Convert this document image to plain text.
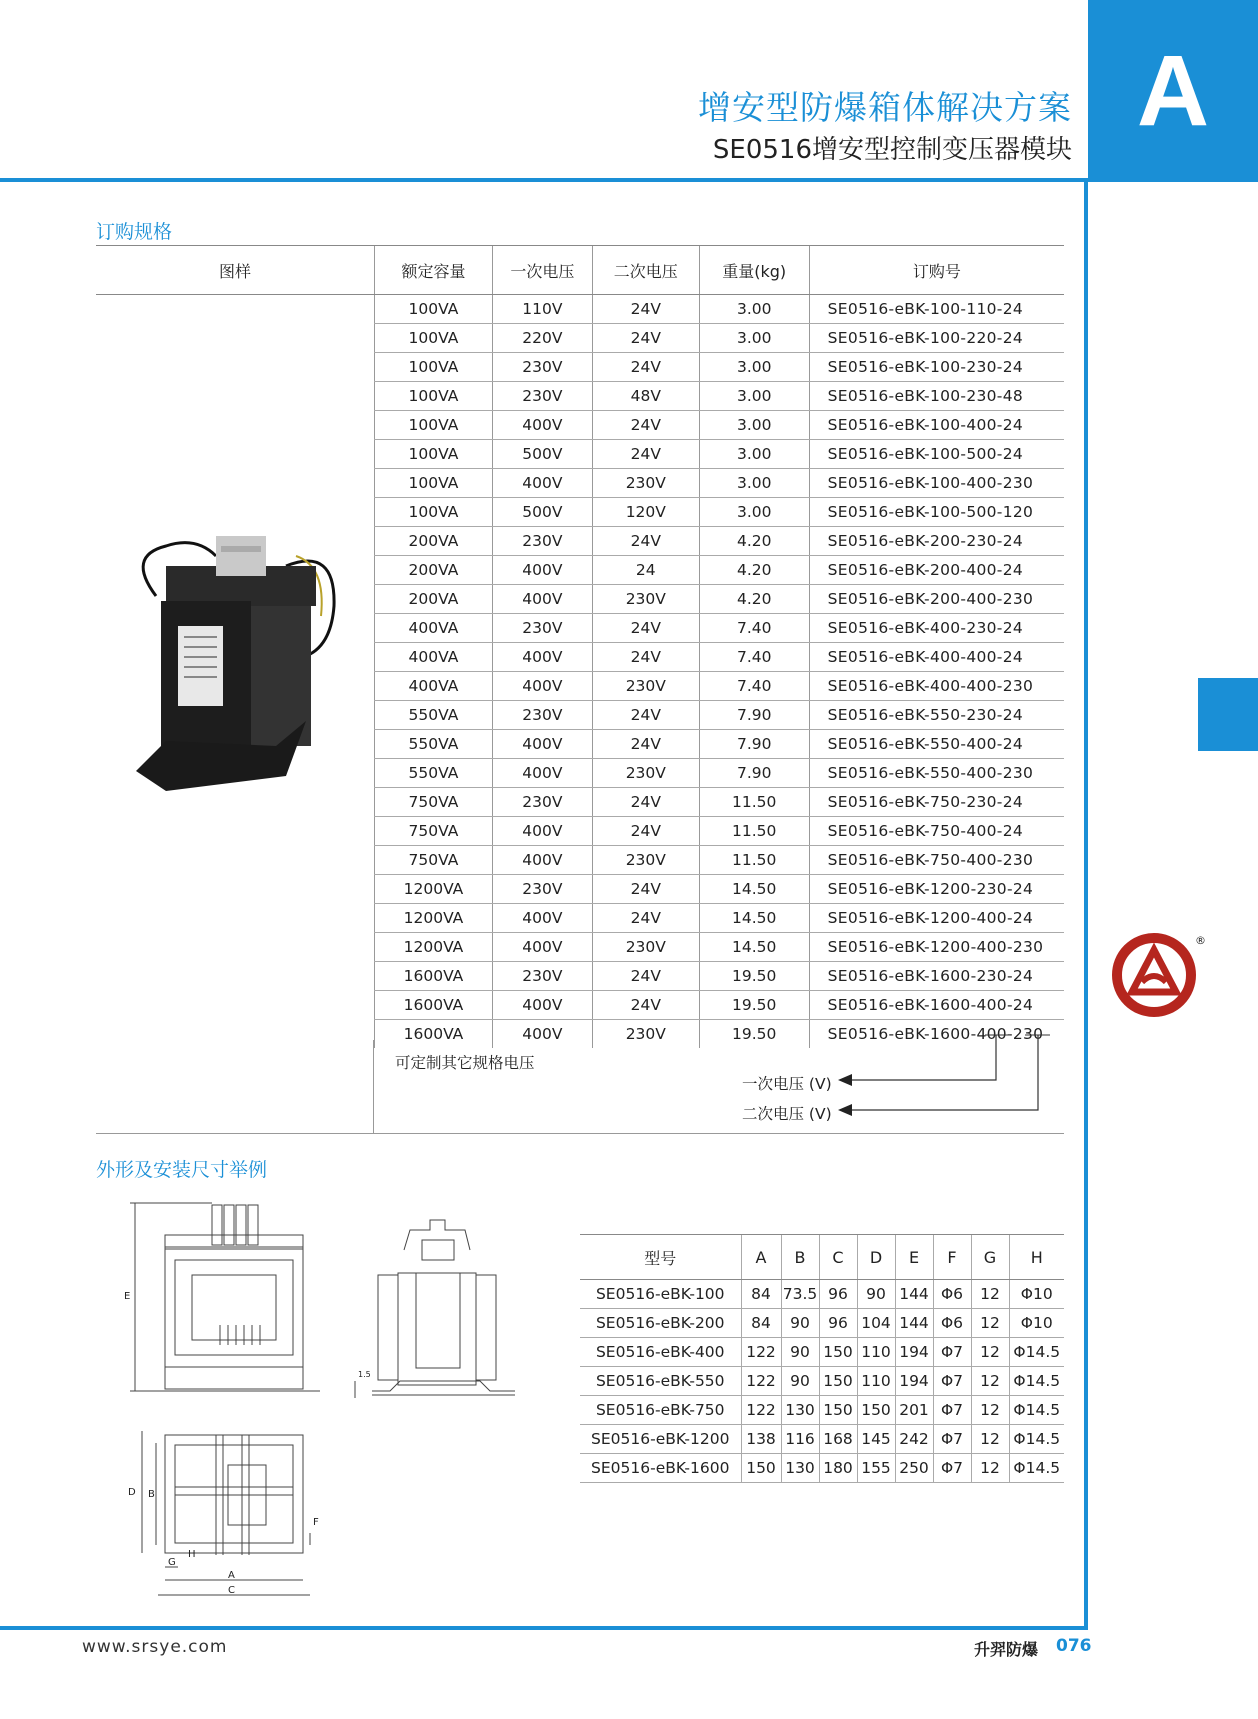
A
增安型防爆箱体解决方案
SE0516增安型控制变压器模块
订购规格
图样	额定容量	一次电压	二次电压	重量(kg)	订购号
	100VA	110V	24V	3.00	SE0516-eBK-100-110-24
	100VA	220V	24V	3.00	SE0516-eBK-100-220-24
	100VA	230V	24V	3.00	SE0516-eBK-100-230-24
	100VA	230V	48V	3.00	SE0516-eBK-100-230-48
	100VA	400V	24V	3.00	SE0516-eBK-100-400-24
	100VA	500V	24V	3.00	SE0516-eBK-100-500-24
	100VA	400V	230V	3.00	SE0516-eBK-100-400-230
	100VA	500V	120V	3.00	SE0516-eBK-100-500-120
	200VA	230V	24V	4.20	SE0516-eBK-200-230-24
	200VA	400V	24	4.20	SE0516-eBK-200-400-24
	200VA	400V	230V	4.20	SE0516-eBK-200-400-230
	400VA	230V	24V	7.40	SE0516-eBK-400-230-24
	400VA	400V	24V	7.40	SE0516-eBK-400-400-24
	400VA	400V	230V	7.40	SE0516-eBK-400-400-230
	550VA	230V	24V	7.90	SE0516-eBK-550-230-24
	550VA	400V	24V	7.90	SE0516-eBK-550-400-24
	550VA	400V	230V	7.90	SE0516-eBK-550-400-230
	750VA	230V	24V	11.50	SE0516-eBK-750-230-24
	750VA	400V	24V	11.50	SE0516-eBK-750-400-24
	750VA	400V	230V	11.50	SE0516-eBK-750-400-230
	1200VA	230V	24V	14.50	SE0516-eBK-1200-230-24
	1200VA	400V	24V	14.50	SE0516-eBK-1200-400-24
	1200VA	400V	230V	14.50	SE0516-eBK-1200-400-230
	1600VA	230V	24V	19.50	SE0516-eBK-1600-230-24
	1600VA	400V	24V	19.50	SE0516-eBK-1600-400-24
	1600VA	400V	230V	19.50	SE0516-eBK-1600-400-230
可定制其它规格电压
一次电压 (V)
二次电压 (V)
®
外形及安装尺寸举例
E
D B
A
C
G
H
F
1.5
型号	A	B	C	D	E	F	G	H
SE0516-eBK-100	84	73.5	96	90	144	Φ6	12	Φ10
SE0516-eBK-200	84	90	96	104	144	Φ6	12	Φ10
SE0516-eBK-400	122	90	150	110	194	Φ7	12	Φ14.5
SE0516-eBK-550	122	90	150	110	194	Φ7	12	Φ14.5
SE0516-eBK-750	122	130	150	150	201	Φ7	12	Φ14.5
SE0516-eBK-1200	138	116	168	145	242	Φ7	12	Φ14.5
SE0516-eBK-1600	150	130	180	155	250	Φ7	12	Φ14.5
www.srsye.com	升羿防爆 076
